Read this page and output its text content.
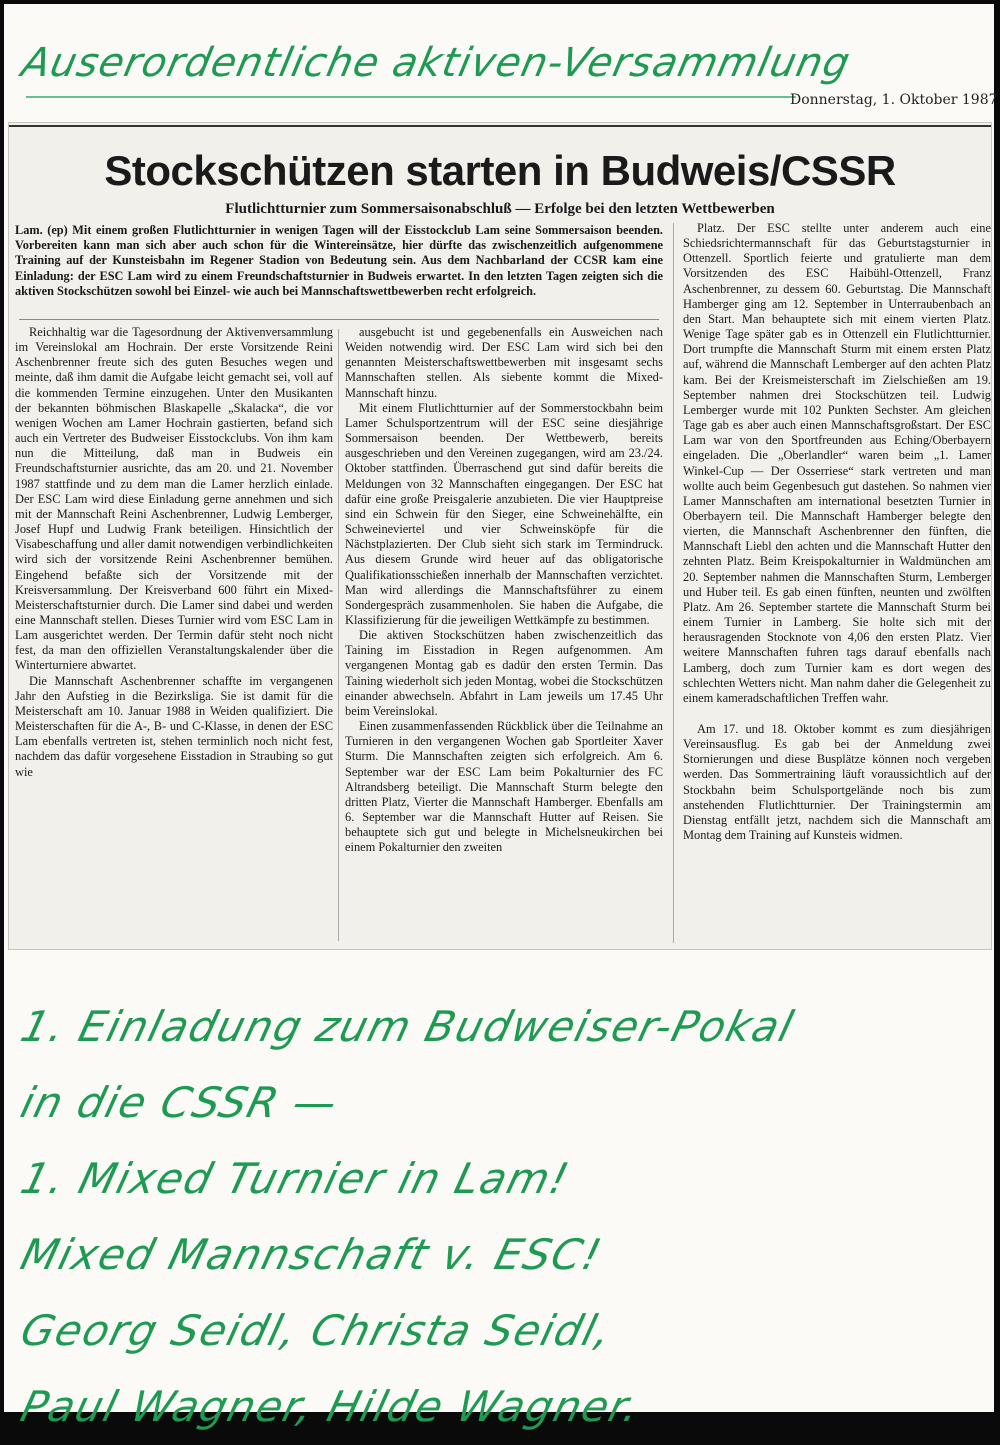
Auserordentliche aktiven-Versammlung
Donnerstag, 1. Oktober 1987
Stockschützen starten in Budweis/CSSR
Flutlichtturnier zum Sommersaisonabschluß — Erfolge bei den letzten Wettbewerben
Lam. (ep) Mit einem großen Flutlichtturnier in wenigen Tagen will der Eisstockclub Lam seine Sommersaison beenden. Vorbereiten kann man sich aber auch schon für die Wintereinsätze, hier dürfte das zwischenzeitlich aufgenommene Training auf der Kunsteisbahn im Regener Stadion von Bedeutung sein. Aus dem Nachbarland der CCSR kam eine Einladung: der ESC Lam wird zu einem Freundschaftsturnier in Budweis erwartet. In den letzten Tagen zeigten sich die aktiven Stockschützen sowohl bei Einzel- wie auch bei Mannschaftswettbewerben recht erfolgreich.

Reichhaltig war die Tagesordnung der Aktivenversammlung im Vereinslokal am Hochrain. Der erste Vorsitzende Reini Aschenbrenner freute sich des guten Besuches wegen und meinte, daß ihm damit die Aufgabe leicht gemacht sei, voll auf die kommenden Termine einzugehen. Unter den Musikanten der bekannten böhmischen Blaskapelle „Skalacka“, die vor wenigen Wochen am Lamer Hochrain gastierten, befand sich auch ein Vertreter des Budweiser Eisstockclubs. Von ihm kam nun die Mitteilung, daß man in Budweis ein Freundschaftsturnier ausrichte, das am 20. und 21. November 1987 stattfinde und zu dem man die Lamer herzlich einlade. Der ESC Lam wird diese Einladung gerne annehmen und sich mit der Mannschaft Reini Aschenbrenner, Ludwig Lemberger, Josef Hupf und Ludwig Frank beteiligen. Hinsichtlich der Visabeschaffung und aller damit notwendigen verbindlichkeiten wird sich der vorsitzende Reini Aschenbrenner bemühen. Eingehend befaßte sich der Vorsitzende mit der Kreisversammlung. Der Kreisverband 600 führt ein Mixed-Meisterschaftsturnier durch. Die Lamer sind dabei und werden eine Mannschaft stellen. Dieses Turnier wird vom ESC Lam in Lam ausgerichtet werden. Der Termin dafür steht noch nicht fest, da man den offiziellen Veranstaltungskalender über die Winterturniere abwartet.

Die Mannschaft Aschenbrenner schaffte im vergangenen Jahr den Aufstieg in die Bezirksliga. Sie ist damit für die Meisterschaft am 10. Januar 1988 in Weiden qualifiziert. Die Meisterschaften für die A-, B- und C-Klasse, in denen der ESC Lam ebenfalls vertreten ist, stehen terminlich noch nicht fest, nachdem das dafür vorgesehene Eisstadion in Straubing so gut wie

ausgebucht ist und gegebenenfalls ein Ausweichen nach Weiden notwendig wird. Der ESC Lam wird sich bei den genannten Meisterschaftswettbewerben mit insgesamt sechs Mannschaften stellen. Als siebente kommt die Mixed-Mannschaft hinzu.

Mit einem Flutlichtturnier auf der Sommerstockbahn beim Lamer Schulsportzentrum will der ESC seine diesjährige Sommersaison beenden. Der Wettbewerb, bereits ausgeschrieben und den Vereinen zugegangen, wird am 23./24. Oktober stattfinden. Überraschend gut sind dafür bereits die Meldungen von 32 Mannschaften eingegangen. Der ESC hat dafür eine große Preisgalerie anzubieten. Die vier Hauptpreise sind ein Schwein für den Sieger, eine Schweinehälfte, ein Schweineviertel und vier Schweinsköpfe für die Nächstplazierten. Der Club sieht sich stark im Termindruck. Aus diesem Grunde wird heuer auf das obligatorische Qualifikationsschießen innerhalb der Mannschaften verzichtet. Man wird allerdings die Mannschaftsführer zu einem Sondergespräch zusammenholen. Sie haben die Aufgabe, die Klassifizierung für die jeweiligen Wettkämpfe zu bestimmen.

Die aktiven Stockschützen haben zwischenzeitlich das Taining im Eisstadion in Regen aufgenommen. Am vergangenen Montag gab es dadür den ersten Termin. Das Taining wiederholt sich jeden Montag, wobei die Stockschützen einander abwechseln. Abfahrt in Lam jeweils um 17.45 Uhr beim Vereinslokal.

Einen zusammenfassenden Rückblick über die Teilnahme an Turnieren in den vergangenen Wochen gab Sportleiter Xaver Sturm. Die Mannschaften zeigten sich erfolgreich. Am 6. September war der ESC Lam beim Pokalturnier des FC Altrandsberg beteiligt. Die Mannschaft Sturm belegte den dritten Platz, Vierter die Mannschaft Hamberger. Ebenfalls am 6. September war die Mannschaft Hutter auf Reisen. Sie behauptete sich gut und belegte in Michelsneukirchen bei einem Pokalturnier den zweiten

Platz. Der ESC stellte unter anderem auch eine Schiedsrichtermannschaft für das Geburtstagsturnier in Ottenzell. Sportlich feierte und gratulierte man dem Vorsitzenden des ESC Haibühl-Ottenzell, Franz Aschenbrenner, zu dessem 60. Geburtstag. Die Mannschaft Hamberger ging am 12. September in Unterraubenbach an den Start. Man behauptete sich mit einem vierten Platz. Wenige Tage später gab es in Ottenzell ein Flutlichtturnier. Dort trumpfte die Mannschaft Sturm mit einem ersten Platz auf, während die Mannschaft Lemberger auf den achten Platz kam. Bei der Kreismeisterschaft im Zielschießen am 19. September nahmen drei Stockschützen teil. Ludwig Lemberger wurde mit 102 Punkten Sechster. Am gleichen Tage gab es aber auch einen Mannschaftsgroßstart. Der ESC Lam war von den Sportfreunden aus Eching/Oberbayern eingeladen. Die „Oberlandler“ waren beim „1. Lamer Winkel-Cup — Der Osserriese“ stark vertreten und man wollte auch beim Gegenbesuch gut dastehen. So nahmen vier Lamer Mannschaften am international besetzten Turnier in Oberbayern teil. Die Mannschaft Hamberger belegte den vierten, die Mannschaft Aschenbrenner den fünften, die Mannschaft Liebl den achten und die Mannschaft Hutter den zehnten Platz. Beim Kreispokalturnier in Waldmünchen am 20. September nahmen die Mannschaften Sturm, Lemberger und Huber teil. Es gab einen fünften, neunten und zwölften Platz. Am 26. September startete die Mannschaft Sturm bei einem Turnier in Lamberg. Sie holte sich mit der herausragenden Stocknote von 4,06 den ersten Platz. Vier weitere Mannschaften fuhren tags darauf ebenfalls nach Lamberg, doch zum Turnier kam es dort wegen des schlechten Wetters nicht. Man nahm daher die Gelegenheit zu einem kameradschaftlichen Treffen wahr.

Am 17. und 18. Oktober kommt es zum diesjährigen Vereinsausflug. Es gab bei der Anmeldung zwei Stornierungen und diese Busplätze können noch vergeben werden. Das Sommertraining läuft voraussichtlich auf der Stockbahn beim Schulsportgelände noch bis zum anstehenden Flutlichtturnier. Der Trainingstermin am Dienstag entfällt jetzt, nachdem sich die Mannschaft am Montag dem Training auf Kunsteis widmen.

1. Einladung zum Budweiser-Pokal
in die CSSR —
1. Mixed Turnier in Lam!
Mixed Mannschaft v. ESC!
Georg Seidl, Christa Seidl,
Paul Wagner, Hilde Wagner.
